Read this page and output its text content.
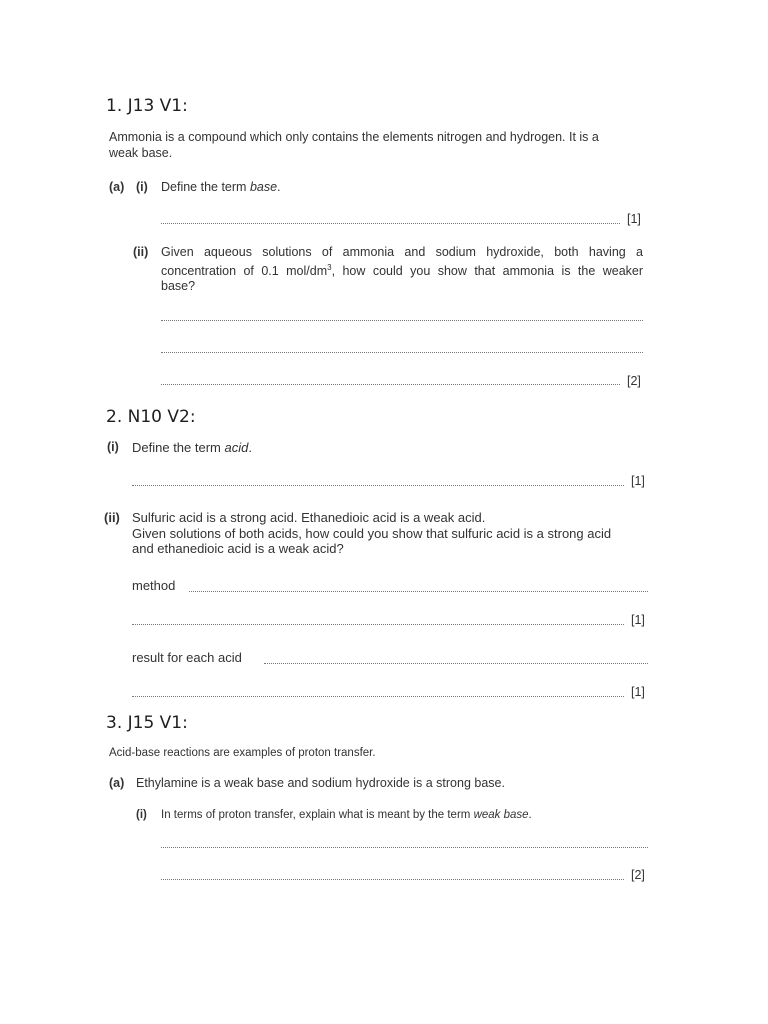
1. J13 V1:
Ammonia is a compound which only contains the elements nitrogen and hydrogen. It is a
weak base.
(a) (i) Define the term base.
[1]
(ii) Given aqueous solutions of ammonia and sodium hydroxide, both having a
concentration of 0.1 mol/$dm^3$, how could you show that ammonia is the weaker
base?
[2]
2. N10 V2:
(i) Define the term acid.
[1]
(ii) Sulfuric acid is a strong acid. Ethanedioic acid is a weak acid.
Given solutions of both acids, how could you show that sulfuric acid is a strong acid
and ethanedioic acid is a weak acid?
method
[1]
result for each acid
[1]
3. J15 V1:
Acid-base reactions are examples of proton transfer.
(a) Ethylamine is a weak base and sodium hydroxide is a strong base.
(i) In terms of proton transfer, explain what is meant by the term weak base.
[2]
